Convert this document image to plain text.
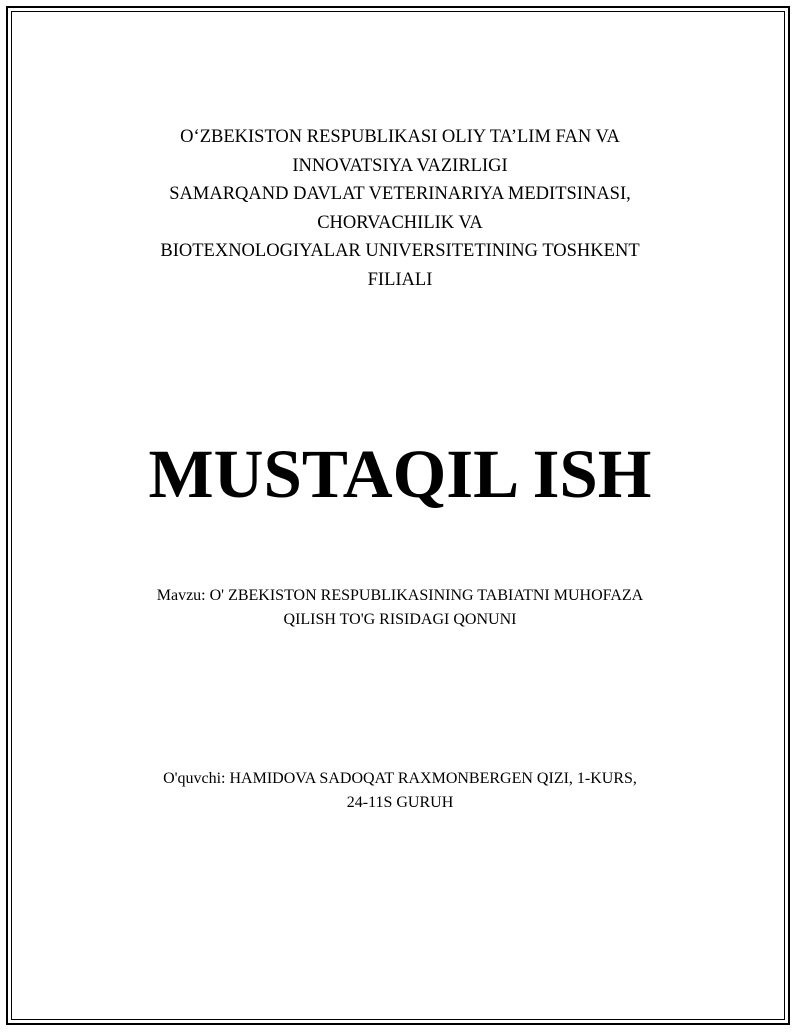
O‘ZBEKISTON RESPUBLIKASI OLIY TA’LIM FAN VA
INNOVATSIYA VAZIRLIGI
SAMARQAND DAVLAT VETERINARIYA MEDITSINASI,
CHORVACHILIK VA
BIOTEXNOLOGIYALAR UNIVERSITETINING TOSHKENT
FILIALI
MUSTAQIL ISH
Mavzu: O' ZBEKISTON RESPUBLIKASINING TABIATNI MUHOFAZA
QILISH TO'G RISIDAGI QONUNI
O'quvchi: HAMIDOVA SADOQAT RAXMONBERGEN QIZI, 1-KURS,
24-11S GURUH
